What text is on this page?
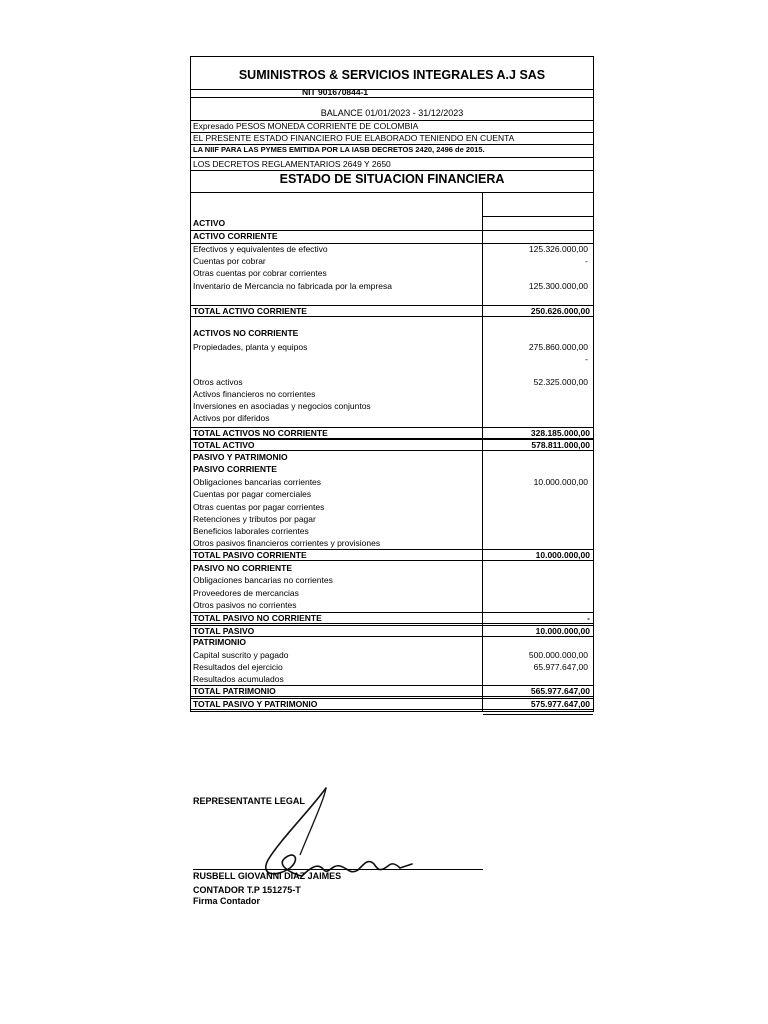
SUMINISTROS & SERVICIOS INTEGRALES A.J SAS
NIT 901670844-1
BALANCE 01/01/2023 - 31/12/2023
Expresado PESOS MONEDA CORRIENTE DE COLOMBIA
EL PRESENTE ESTADO FINANCIERO FUE ELABORADO TENIENDO EN CUENTA
LA NIIF PARA LAS PYMES EMITIDA POR LA IASB DECRETOS 2420, 2496 de 2015.
LOS DECRETOS REGLAMENTARIOS 2649 Y 2650
ESTADO DE SITUACION FINANCIERA
ACTIVO
ACTIVO CORRIENTE
Efectivos y equivalentes de efectivo	125.326.000,00
Cuentas por cobrar	-
Otras cuentas por cobrar corrientes
Inventario de Mercancia no fabricada por la empresa	125.300.000,00
TOTAL ACTIVO CORRIENTE	250.626.000,00
ACTIVOS NO CORRIENTE
Propiedades, planta y equipos	275.860.000,00
-
Otros activos	52.325.000,00
Activos financieros no corrientes
Inversiones en asociadas y negocios conjuntos
Activos por diferidos
TOTAL ACTIVOS NO CORRIENTE	328.185.000,00
TOTAL ACTIVO	578.811.000,00
PASIVO Y PATRIMONIO
PASIVO CORRIENTE
Obligaciones bancarias corrientes	10.000.000,00
Cuentas por pagar comerciales
Otras cuentas por pagar corrientes
Retenciones y tributos por pagar
Beneficios laborales corrientes
Otros pasivos financieros corrientes y provisiones
TOTAL PASIVO CORRIENTE	10.000.000,00
PASIVO NO CORRIENTE
Obligaciones bancarias no corrientes
Proveedores de mercancias
Otros pasivos no corrientes
TOTAL PASIVO NO CORRIENTE	-
TOTAL PASIVO	10.000.000,00
PATRIMONIO
Capital suscrito y pagado	500.000.000,00
Resultados del ejercicio	65.977.647,00
Resultados acumulados
TOTAL PATRIMONIO	565.977.647,00
TOTAL PASIVO Y PATRIMONIO	575.977.647,00
REPRESENTANTE LEGAL
RUSBELL GIOVANNI DIAZ JAIMES
CONTADOR T.P 151275-T
Firma Contador
